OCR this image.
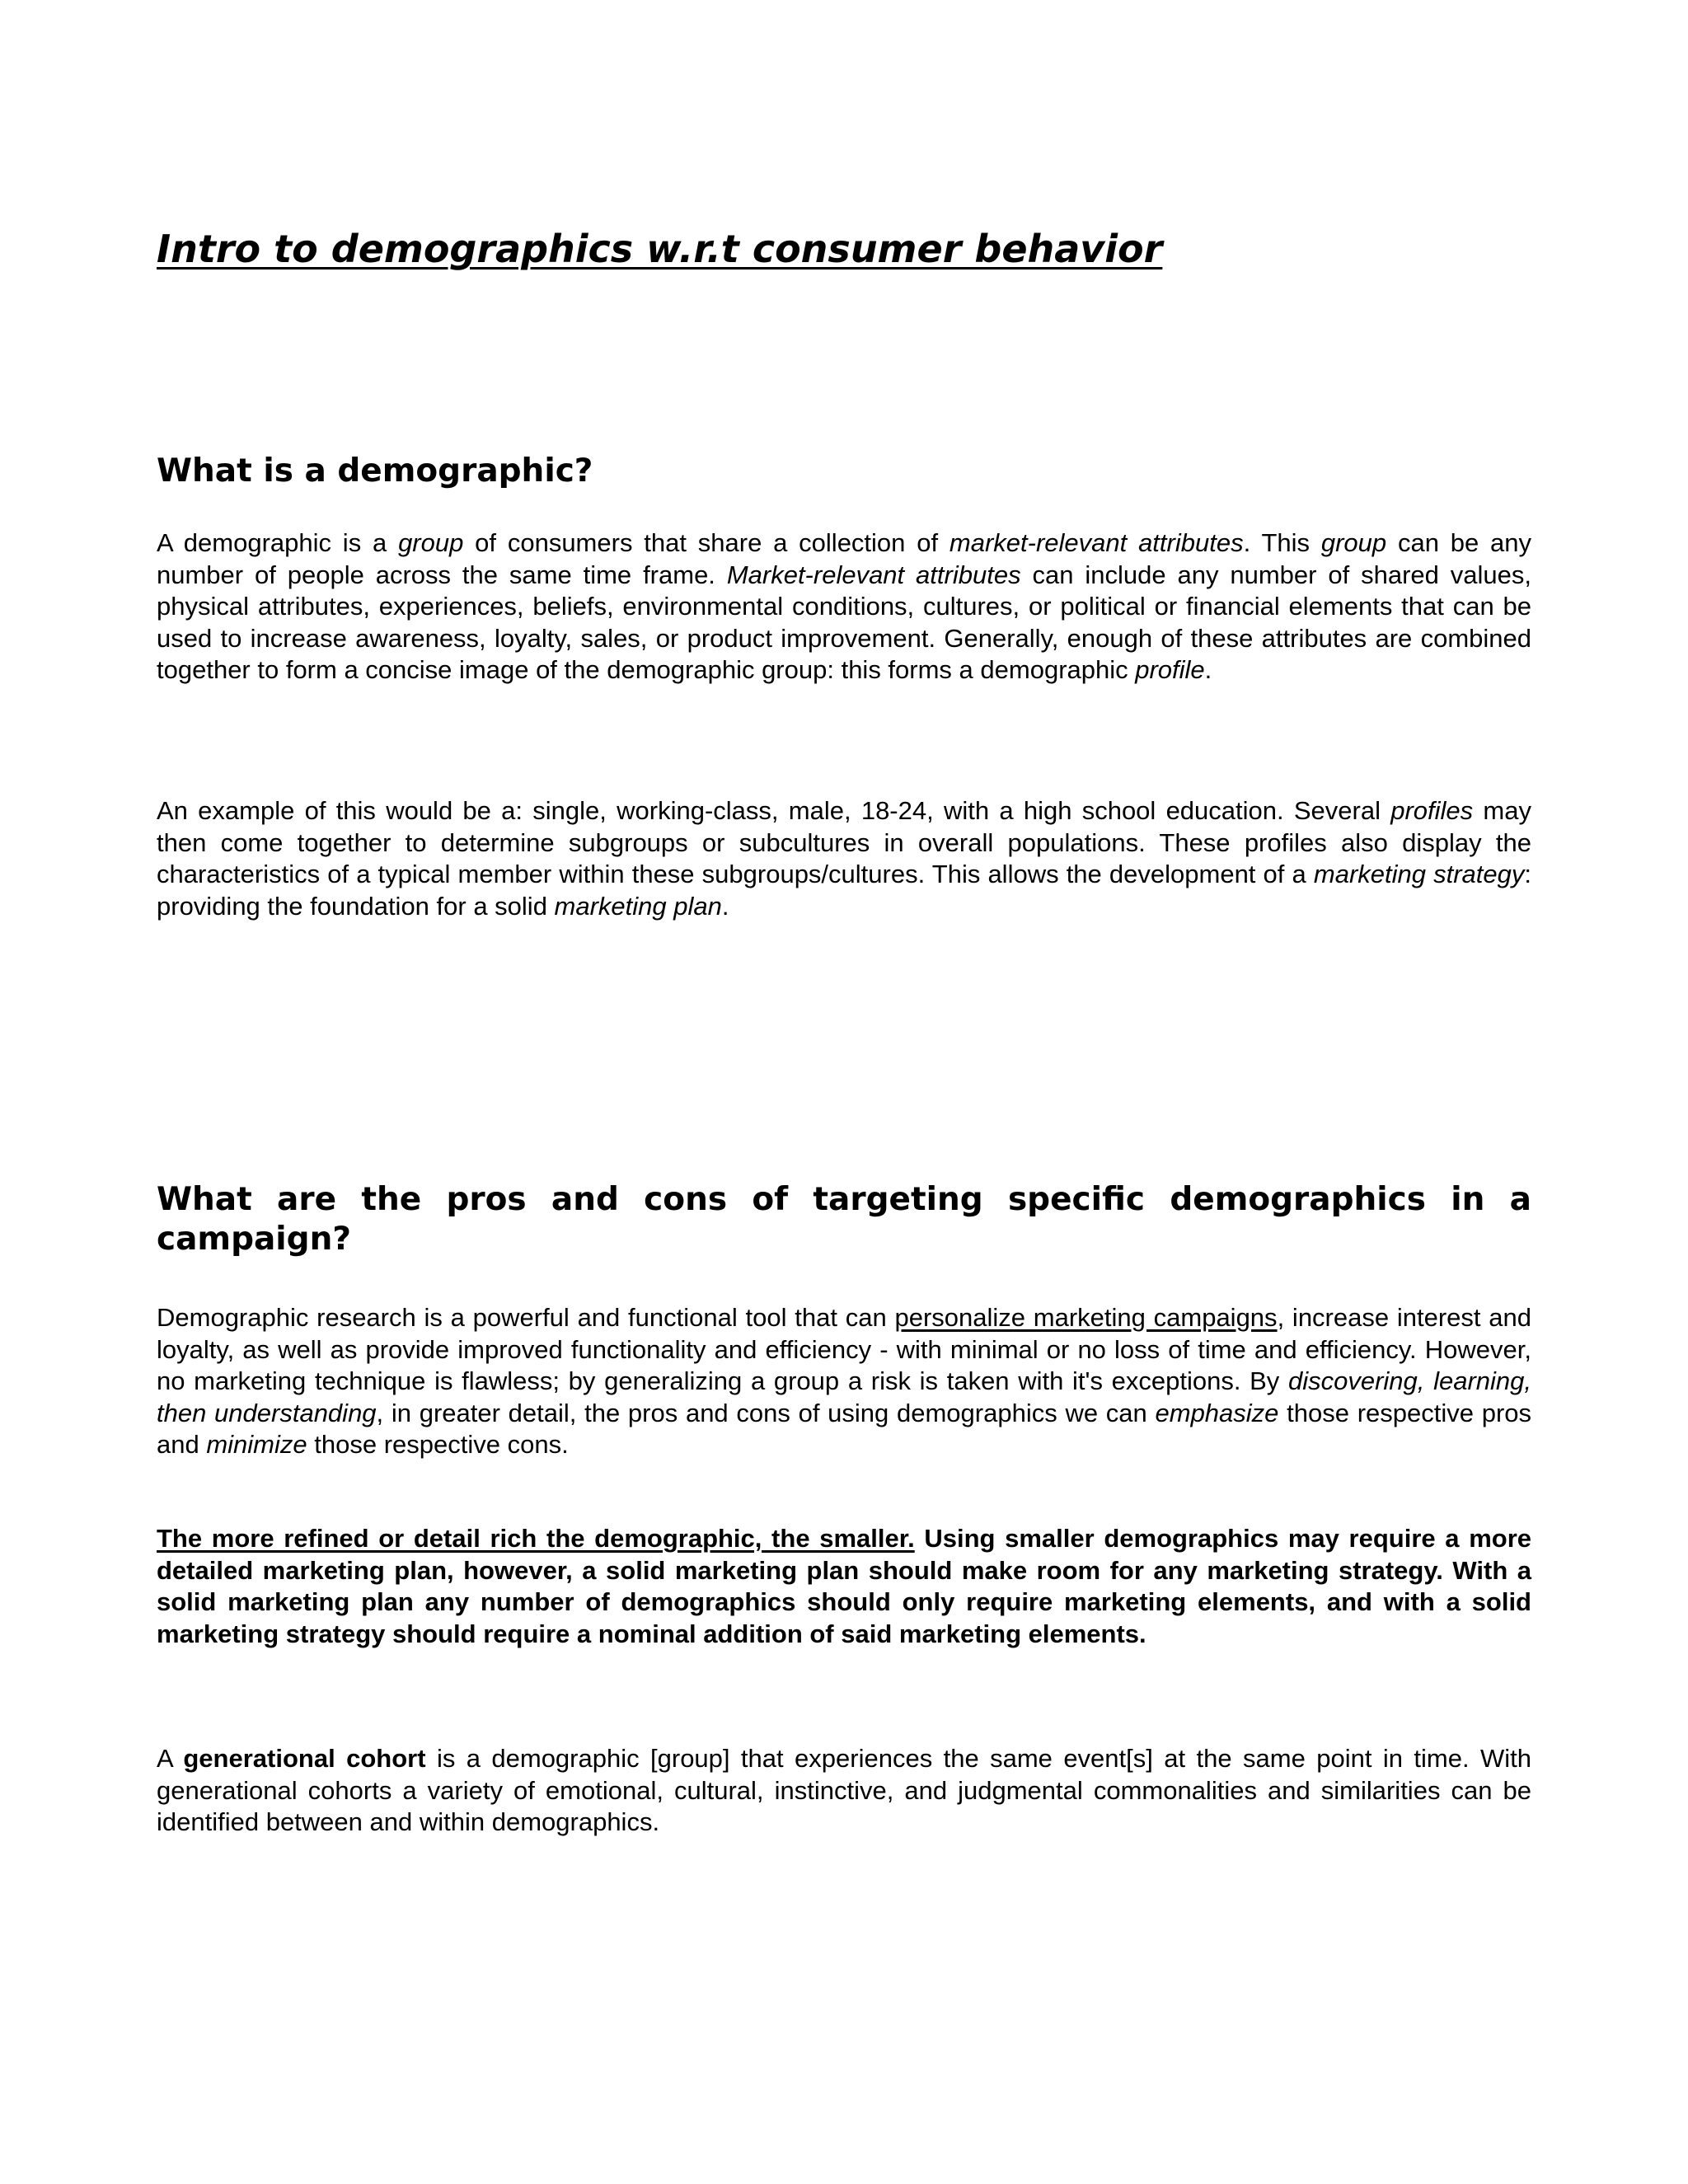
Intro to demographics w.r.t consumer behavior
What is a demographic?

A demographic is a group of consumers that share a collection of market-relevant attributes. This group can be any number of people across the same time frame. Market-relevant attributes can include any number of shared values, physical attributes, experiences, beliefs, environmental conditions, cultures, or political or financial elements that can be used to increase awareness, loyalty, sales, or product improvement. Generally, enough of these attributes are combined together to form a concise image of the demographic group: this forms a demographic profile.

An example of this would be a: single, working-class, male, 18-24, with a high school education. Several profiles may then come together to determine subgroups or subcultures in overall populations. These profiles also display the characteristics of a typical member within these subgroups/cultures. This allows the development of a marketing strategy: providing the foundation for a solid marketing plan.

What are the pros and cons of targeting specific demographics in a campaign?

Demographic research is a powerful and functional tool that can personalize marketing campaigns, increase interest and loyalty, as well as provide improved functionality and efficiency - with minimal or no loss of time and efficiency. However, no marketing technique is flawless; by generalizing a group a risk is taken with it's exceptions. By discovering, learning, then understanding, in greater detail, the pros and cons of using demographics we can emphasize those respective pros and minimize those respective cons.

The more refined or detail rich the demographic, the smaller. Using smaller demographics may require a more detailed marketing plan, however, a solid marketing plan should make room for any marketing strategy. With a solid marketing plan any number of demographics should only require marketing elements, and with a solid marketing strategy should require a nominal addition of said marketing elements.

A generational cohort is a demographic [group] that experiences the same event[s] at the same point in time. With generational cohorts a variety of emotional, cultural, instinctive, and judgmental commonalities and similarities can be identified between and within demographics.
